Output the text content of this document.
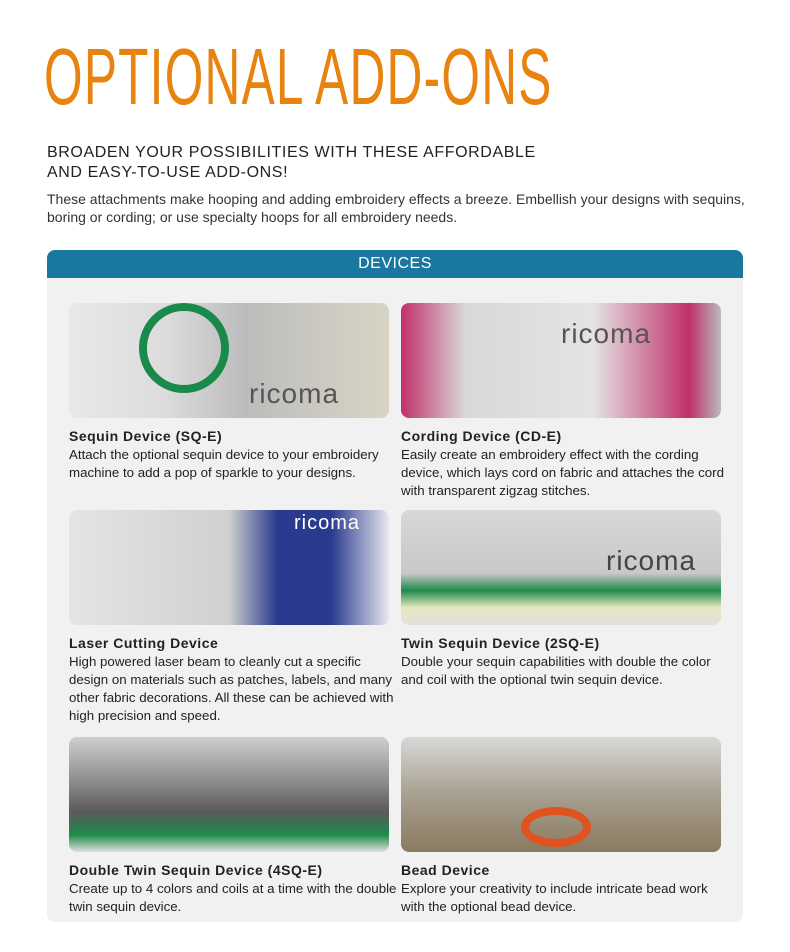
OPTIONAL ADD-ONS
BROADEN YOUR POSSIBILITIES WITH THESE AFFORDABLE
AND EASY-TO-USE ADD-ONS!
These attachments make hooping and adding embroidery effects a breeze. Embellish your designs with sequins, boring or cording; or use specialty hoops for all embroidery needs.
DEVICES
ricoma
Sequin Device (SQ-E)

Attach the optional sequin device to your embroidery machine to add a pop of sparkle to your designs.

ricoma
Cording Device (CD-E)

Easily create an embroidery effect with the cording device, which lays cord on fabric and attaches the cord with transparent zigzag stitches.

ricoma
Laser Cutting Device

High powered laser beam to cleanly cut a specific design on materials such as patches, labels, and many other fabric decorations. All these can be achieved with high precision and speed.

ricoma
Twin Sequin Device (2SQ-E)

Double your sequin capabilities with double the color and coil with the optional twin sequin device.

Double Twin Sequin Device (4SQ-E)

Create up to 4 colors and coils at a time with the double twin sequin device.

Bead Device

Explore your creativity to include intricate bead work with the optional bead device.
